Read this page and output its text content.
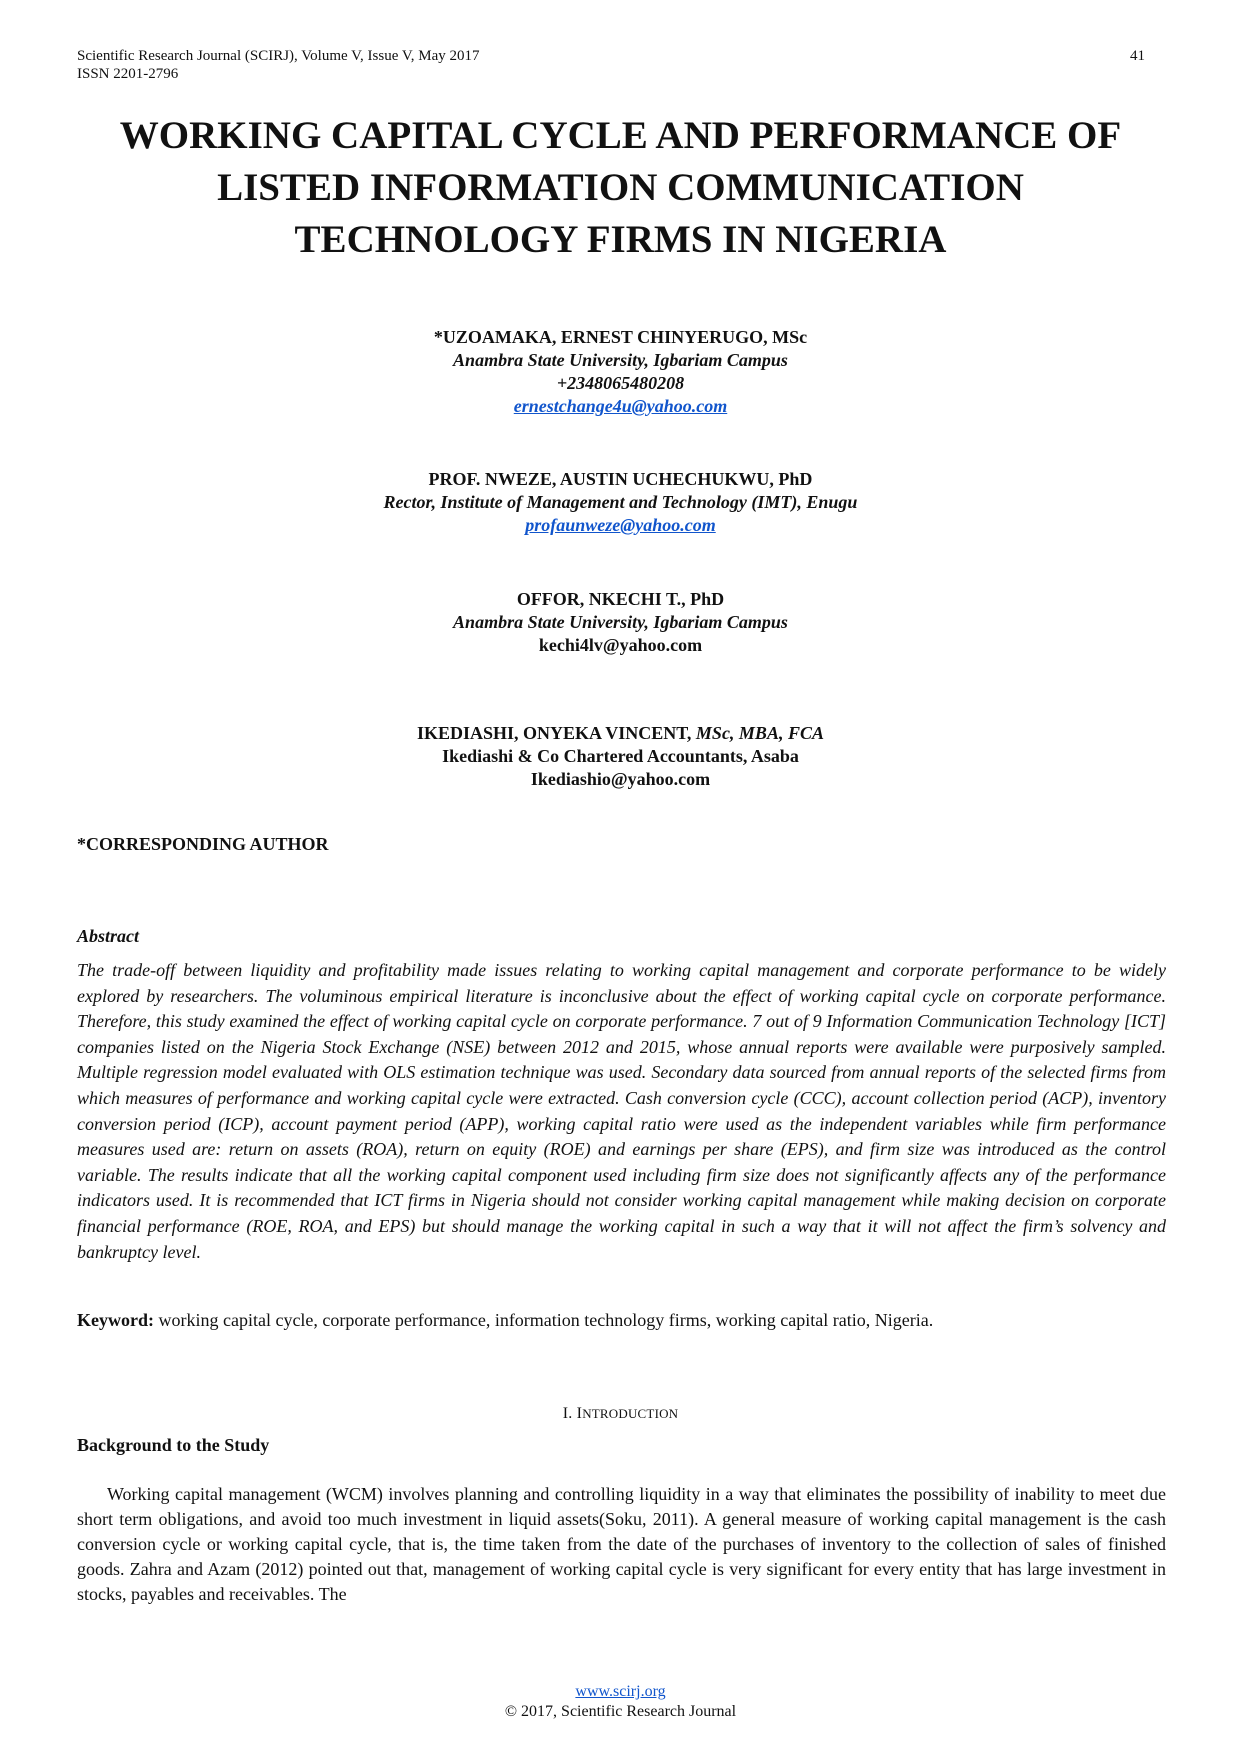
Scientific Research Journal (SCIRJ), Volume V, Issue V, May 2017
ISSN 2201-2796
41
WORKING CAPITAL CYCLE AND PERFORMANCE OF
LISTED INFORMATION COMMUNICATION
TECHNOLOGY FIRMS IN NIGERIA
*UZOAMAKA, ERNEST CHINYERUGO, MSc
Anambra State University, Igbariam Campus
+2348065480208
ernestchange4u@yahoo.com
PROF. NWEZE, AUSTIN UCHECHUKWU, PhD
Rector, Institute of Management and Technology (IMT), Enugu
profaunweze@yahoo.com
OFFOR, NKECHI T., PhD
Anambra State University, Igbariam Campus
kechi4lv@yahoo.com
IKEDIASHI, ONYEKA VINCENT, MSc, MBA, FCA
Ikediashi & Co Chartered Accountants, Asaba
Ikediashio@yahoo.com
*CORRESPONDING AUTHOR
Abstract
The trade-off between liquidity and profitability made issues relating to working capital management and corporate performance to be widely explored by researchers. The voluminous empirical literature is inconclusive about the effect of working capital cycle on corporate performance. Therefore, this study examined the effect of working capital cycle on corporate performance. 7 out of 9 Information Communication Technology [ICT] companies listed on the Nigeria Stock Exchange (NSE) between 2012 and 2015, whose annual reports were available were purposively sampled. Multiple regression model evaluated with OLS estimation technique was used. Secondary data sourced from annual reports of the selected firms from which measures of performance and working capital cycle were extracted. Cash conversion cycle (CCC), account collection period (ACP), inventory conversion period (ICP), account payment period (APP), working capital ratio were used as the independent variables while firm performance measures used are: return on assets (ROA), return on equity (ROE) and earnings per share (EPS), and firm size was introduced as the control variable. The results indicate that all the working capital component used including firm size does not significantly affects any of the performance indicators used. It is recommended that ICT firms in Nigeria should not consider working capital management while making decision on corporate financial performance (ROE, ROA, and EPS) but should manage the working capital in such a way that it will not affect the firm’s solvency and bankruptcy level.
Keyword: working capital cycle, corporate performance, information technology firms, working capital ratio, Nigeria.
I. INTRODUCTION
Background to the Study
Working capital management (WCM) involves planning and controlling liquidity in a way that eliminates the possibility of inability to meet due short term obligations, and avoid too much investment in liquid assets(Soku, 2011). A general measure of working capital management is the cash conversion cycle or working capital cycle, that is, the time taken from the date of the purchases of inventory to the collection of sales of finished goods. Zahra and Azam (2012) pointed out that, management of working capital cycle is very significant for every entity that has large investment in stocks, payables and receivables. The
www.scirj.org
© 2017, Scientific Research Journal
